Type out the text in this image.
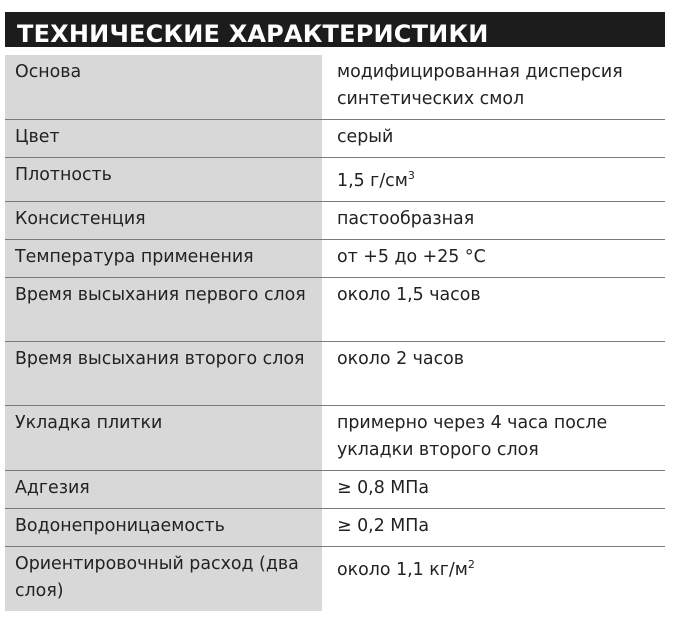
ТЕХНИЧЕСКИЕ ХАРАКТЕРИСТИКИ
Основа	модифицированная дисперсия синтетических смол
Цвет	серый
Плотность	1,5 $г/см^3$
Консистенция	пастообразная
Температура применения	от +5 до +25 °С
Время высыхания первого слоя	около 1,5 часов
Время высыхания второго слоя	около 2 часов
Укладка плитки	примерно через 4 часа после укладки второго слоя
Адгезия	≥ 0,8 МПа
Водонепроницаемость	≥ 0,2 МПа
Ориентировочный расход (два слоя)	около 1,1 $кг/м^2$
